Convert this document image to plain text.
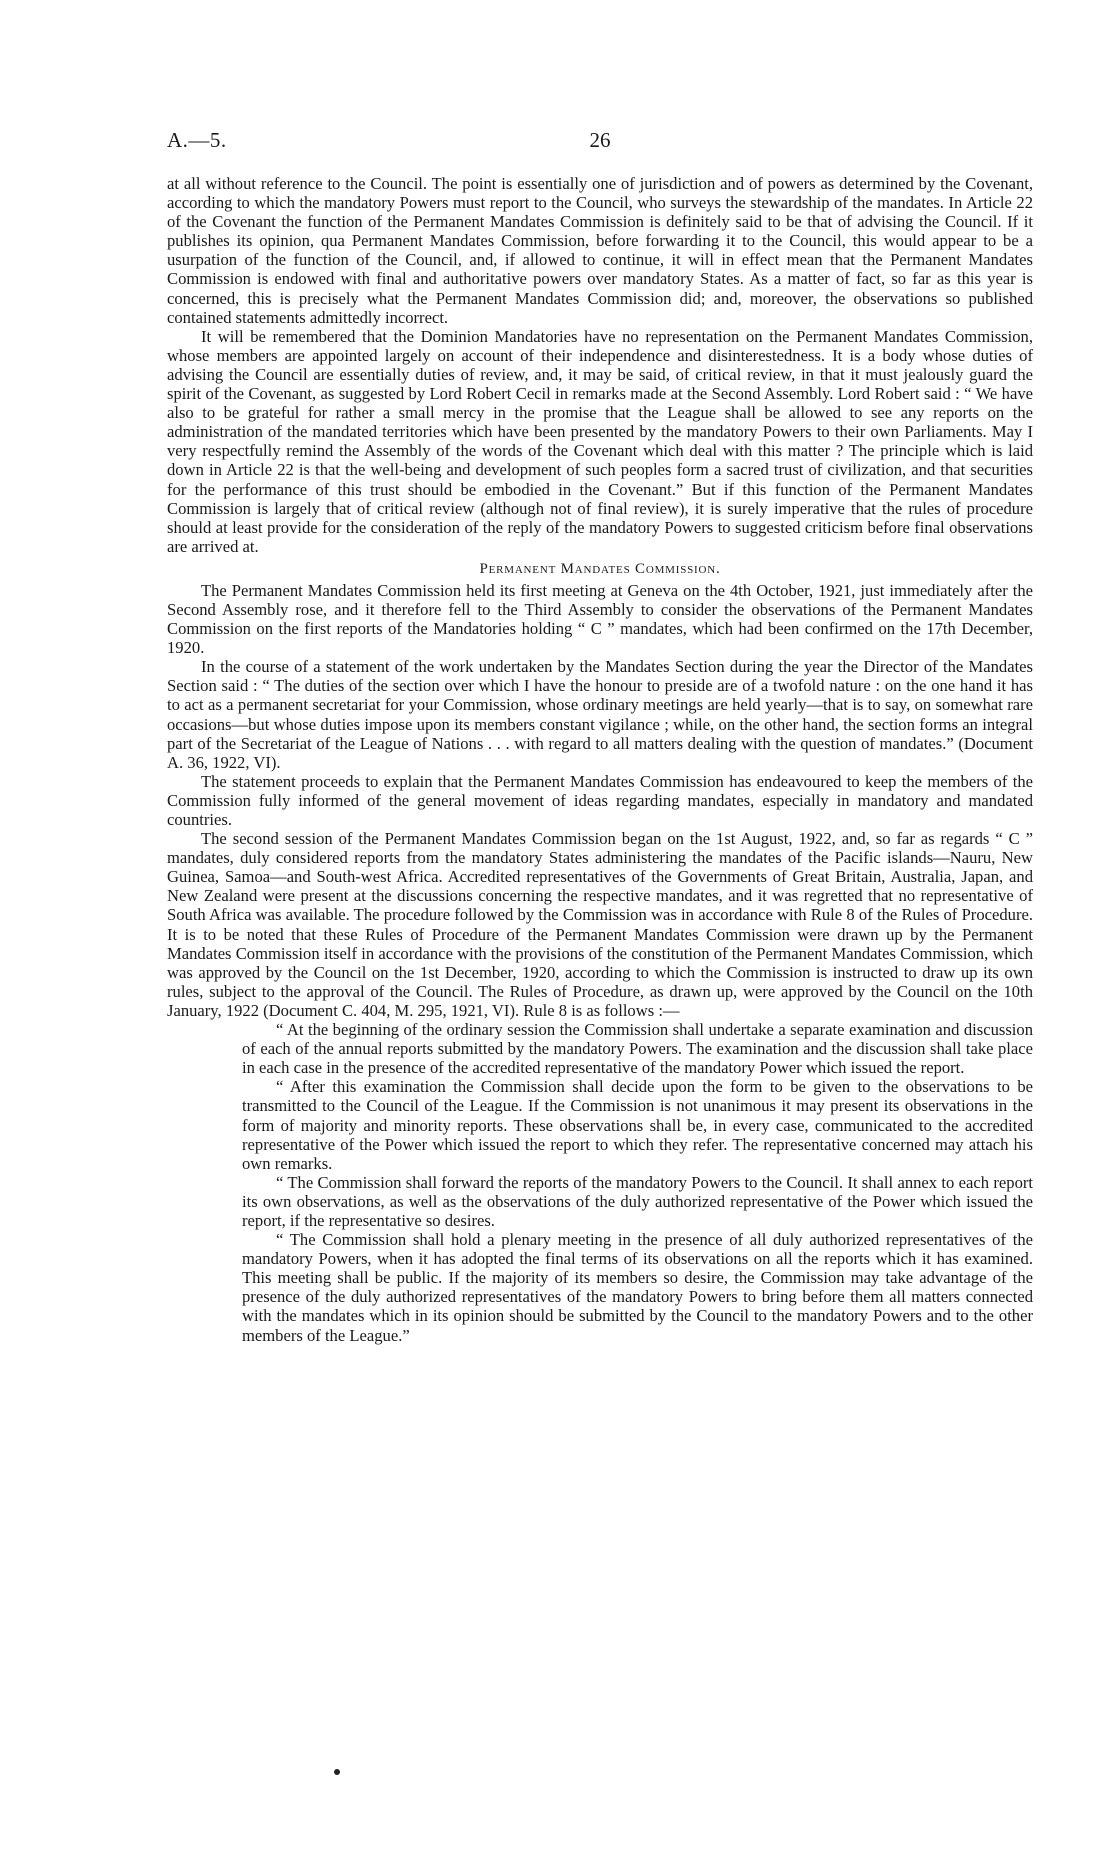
A.—5.	26

at all without reference to the Council. The point is essentially one of jurisdiction and of powers as determined by the Covenant, according to which the mandatory Powers must report to the Council, who surveys the stewardship of the mandates. In Article 22 of the Covenant the function of the Permanent Mandates Commission is definitely said to be that of advising the Council. If it publishes its opinion, qua Permanent Mandates Commission, before forwarding it to the Council, this would appear to be a usurpation of the function of the Council, and, if allowed to continue, it will in effect mean that the Permanent Mandates Commission is endowed with final and authoritative powers over mandatory States. As a matter of fact, so far as this year is concerned, this is precisely what the Permanent Mandates Commission did; and, moreover, the observations so published contained statements admittedly incorrect.

It will be remembered that the Dominion Mandatories have no representation on the Permanent Mandates Commission, whose members are appointed largely on account of their independence and disinterestedness. It is a body whose duties of advising the Council are essentially duties of review, and, it may be said, of critical review, in that it must jealously guard the spirit of the Covenant, as suggested by Lord Robert Cecil in remarks made at the Second Assembly. Lord Robert said : “ We have also to be grateful for rather a small mercy in the promise that the League shall be allowed to see any reports on the administration of the mandated territories which have been presented by the mandatory Powers to their own Parliaments. May I very respectfully remind the Assembly of the words of the Covenant which deal with this matter ? The principle which is laid down in Article 22 is that the well-being and development of such peoples form a sacred trust of civilization, and that securities for the performance of this trust should be embodied in the Covenant.” But if this function of the Permanent Mandates Commission is largely that of critical review (although not of final review), it is surely imperative that the rules of procedure should at least provide for the consideration of the reply of the mandatory Powers to suggested criticism before final observations are arrived at.

Permanent Mandates Commission.

The Permanent Mandates Commission held its first meeting at Geneva on the 4th October, 1921, just immediately after the Second Assembly rose, and it therefore fell to the Third Assembly to consider the observations of the Permanent Mandates Commission on the first reports of the Mandatories holding “ C ” mandates, which had been confirmed on the 17th December, 1920.

In the course of a statement of the work undertaken by the Mandates Section during the year the Director of the Mandates Section said : “ The duties of the section over which I have the honour to preside are of a twofold nature : on the one hand it has to act as a permanent secretariat for your Commission, whose ordinary meetings are held yearly—that is to say, on somewhat rare occasions—but whose duties impose upon its members constant vigilance ; while, on the other hand, the section forms an integral part of the Secretariat of the League of Nations . . . with regard to all matters dealing with the question of mandates.” (Document A. 36, 1922, VI).

The statement proceeds to explain that the Permanent Mandates Commission has endeavoured to keep the members of the Commission fully informed of the general movement of ideas regarding mandates, especially in mandatory and mandated countries.

The second session of the Permanent Mandates Commission began on the 1st August, 1922, and, so far as regards “ C ” mandates, duly considered reports from the mandatory States administering the mandates of the Pacific islands—Nauru, New Guinea, Samoa—and South-west Africa. Accredited representatives of the Governments of Great Britain, Australia, Japan, and New Zealand were present at the discussions concerning the respective mandates, and it was regretted that no representative of South Africa was available. The procedure followed by the Commission was in accordance with Rule 8 of the Rules of Procedure. It is to be noted that these Rules of Procedure of the Permanent Mandates Commission were drawn up by the Permanent Mandates Commission itself in accordance with the provisions of the constitution of the Permanent Mandates Commission, which was approved by the Council on the 1st December, 1920, according to which the Commission is instructed to draw up its own rules, subject to the approval of the Council. The Rules of Procedure, as drawn up, were approved by the Council on the 10th January, 1922 (Document C. 404, M. 295, 1921, VI). Rule 8 is as follows :—

“ At the beginning of the ordinary session the Commission shall undertake a separate examination and discussion of each of the annual reports submitted by the mandatory Powers. The examination and the discussion shall take place in each case in the presence of the accredited representative of the mandatory Power which issued the report.

“ After this examination the Commission shall decide upon the form to be given to the observations to be transmitted to the Council of the League. If the Commission is not unanimous it may present its observations in the form of majority and minority reports. These observations shall be, in every case, communicated to the accredited representative of the Power which issued the report to which they refer. The representative concerned may attach his own remarks.

“ The Commission shall forward the reports of the mandatory Powers to the Council. It shall annex to each report its own observations, as well as the observations of the duly authorized representative of the Power which issued the report, if the representative so desires.

“ The Commission shall hold a plenary meeting in the presence of all duly authorized representatives of the mandatory Powers, when it has adopted the final terms of its observations on all the reports which it has examined. This meeting shall be public. If the majority of its members so desire, the Commission may take advantage of the presence of the duly authorized representatives of the mandatory Powers to bring before them all matters connected with the mandates which in its opinion should be submitted by the Council to the mandatory Powers and to the other members of the League.”
